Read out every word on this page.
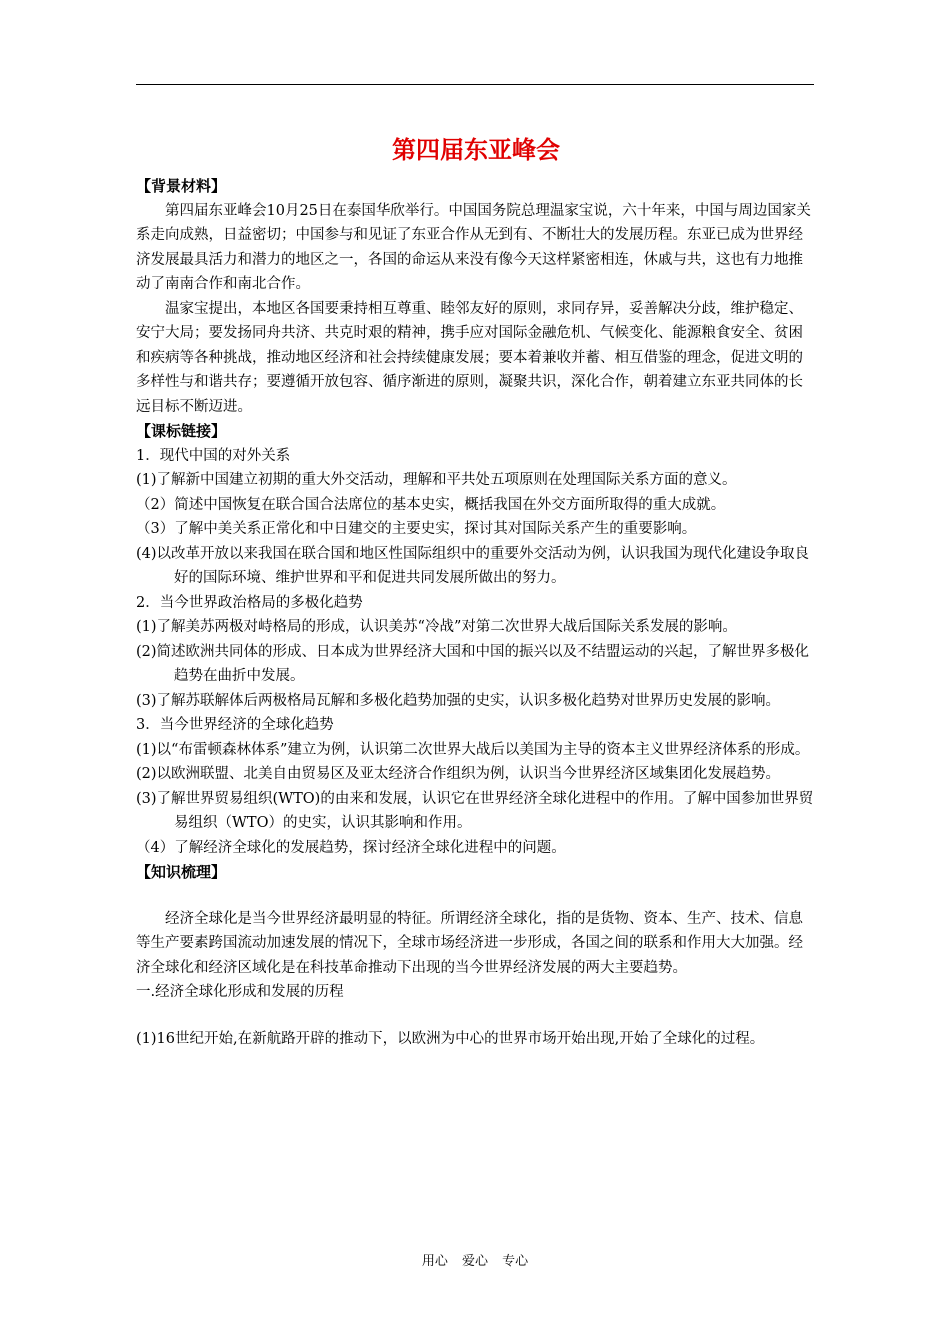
第四届东亚峰会
【背景材料】

第四届东亚峰会10月25日在泰国华欣举行。中国国务院总理温家宝说，六十年来，中国与周边国家关系走向成熟，日益密切；中国参与和见证了东亚合作从无到有、不断壮大的发展历程。东亚已成为世界经济发展最具活力和潜力的地区之一，各国的命运从来没有像今天这样紧密相连，休戚与共，这也有力地推动了南南合作和南北合作。

温家宝提出，本地区各国要秉持相互尊重、睦邻友好的原则，求同存异，妥善解决分歧，维护稳定、安宁大局；要发扬同舟共济、共克时艰的精神，携手应对国际金融危机、气候变化、能源粮食安全、贫困和疾病等各种挑战，推动地区经济和社会持续健康发展；要本着兼收并蓄、相互借鉴的理念，促进文明的多样性与和谐共存；要遵循开放包容、循序渐进的原则，凝聚共识，深化合作，朝着建立东亚共同体的长远目标不断迈进。

【课标链接】

1．现代中国的对外关系

(1)了解新中国建立初期的重大外交活动，理解和平共处五项原则在处理国际关系方面的意义。

（2）简述中国恢复在联合国合法席位的基本史实，概括我国在外交方面所取得的重大成就。

（3）了解中美关系正常化和中日建交的主要史实，探讨其对国际关系产生的重要影响。

(4)以改革开放以来我国在联合国和地区性国际组织中的重要外交活动为例，认识我国为现代化建设争取良好的国际环境、维护世界和平和促进共同发展所做出的努力。

2．当今世界政治格局的多极化趋势

(1)了解美苏两极对峙格局的形成，认识美苏“冷战”对第二次世界大战后国际关系发展的影响。

(2)简述欧洲共同体的形成、日本成为世界经济大国和中国的振兴以及不结盟运动的兴起，了解世界多极化趋势在曲折中发展。

(3)了解苏联解体后两极格局瓦解和多极化趋势加强的史实，认识多极化趋势对世界历史发展的影响。

3．当今世界经济的全球化趋势

(1)以“布雷顿森林体系”建立为例，认识第二次世界大战后以美国为主导的资本主义世界经济体系的形成。

(2)以欧洲联盟、北美自由贸易区及亚太经济合作组织为例，认识当今世界经济区域集团化发展趋势。

(3)了解世界贸易组织(WTO)的由来和发展，认识它在世界经济全球化进程中的作用。了解中国参加世界贸易组织（WTO）的史实，认识其影响和作用。

（4）了解经济全球化的发展趋势，探讨经济全球化进程中的问题。

【知识梳理】

经济全球化是当今世界经济最明显的特征。所谓经济全球化，指的是货物、资本、生产、技术、信息等生产要素跨国流动加速发展的情况下，全球市场经济进一步形成，各国之间的联系和作用大大加强。经济全球化和经济区域化是在科技革命推动下出现的当今世界经济发展的两大主要趋势。

一.经济全球化形成和发展的历程

(1)16世纪开始,在新航路开辟的推动下，以欧洲为中心的世界市场开始出现,开始了全球化的过程。

用心 爱心 专心
